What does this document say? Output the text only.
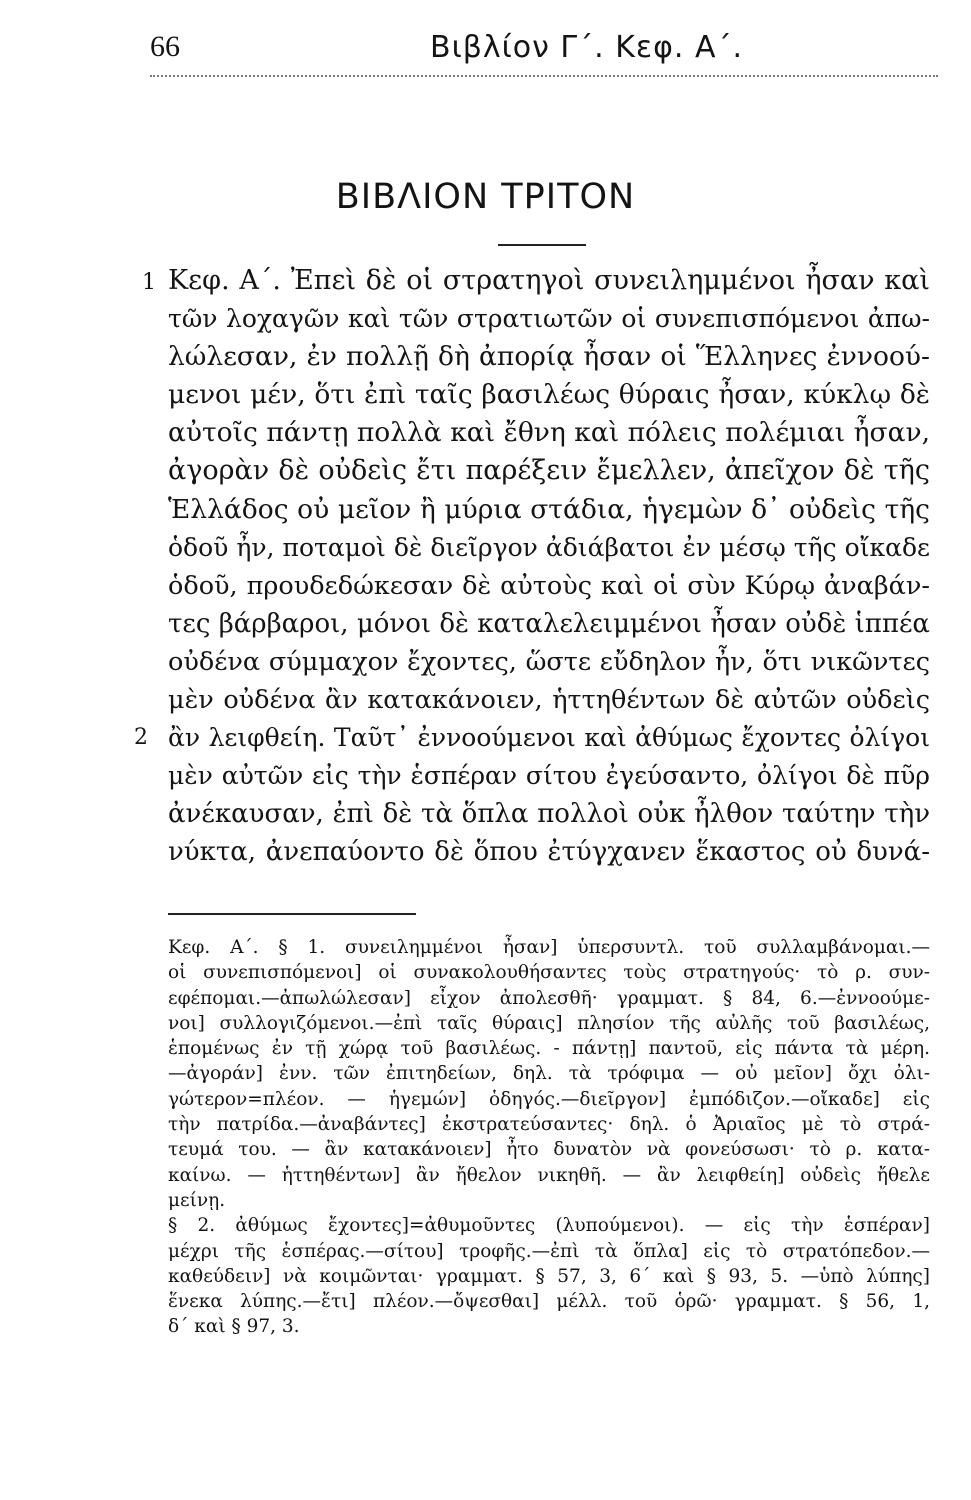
66	Βιβλίον Γ΄. Κεφ. Α΄.
ΒΙΒΛΙΟΝ ΤΡΙΤΟΝ
1
2
Κεφ. Α΄. Ἐπεὶ δὲ οἱ στρατηγοὶ συνειλημμένοι ἦσαν καὶ
τῶν λοχαγῶν καὶ τῶν στρατιωτῶν οἱ συνεπισπόμενοι ἀπω-
λώλεσαν, ἐν πολλῇ δὴ ἀπορίᾳ ἦσαν οἱ Ἕλληνες ἐννοού-
μενοι μέν, ὅτι ἐπὶ ταῖς βασιλέως θύραις ἦσαν, κύκλῳ δὲ
αὐτοῖς πάντῃ πολλὰ καὶ ἔθνη καὶ πόλεις πολέμιαι ἦσαν,
ἀγορὰν δὲ οὐδεὶς ἔτι παρέξειν ἔμελλεν, ἀπεῖχον δὲ τῆς
Ἑλλάδος οὐ μεῖον ἢ μύρια στάδια, ἡγεμὼν δ᾽ οὐδεὶς τῆς
ὁδοῦ ἦν, ποταμοὶ δὲ διεῖργον ἀδιάβατοι ἐν μέσῳ τῆς οἴκαδε
ὁδοῦ, προυδεδώκεσαν δὲ αὐτοὺς καὶ οἱ σὺν Κύρῳ ἀναβάν-
τες βάρβαροι, μόνοι δὲ καταλελειμμένοι ἦσαν οὐδὲ ἱππέα
οὐδένα σύμμαχον ἔχοντες, ὥστε εὔδηλον ἦν, ὅτι νικῶντες
μὲν οὐδένα ἂν κατακάνοιεν, ἡττηθέντων δὲ αὐτῶν οὐδεὶς
ἂν λειφθείη. Ταῦτ᾽ ἐννοούμενοι καὶ ἀθύμως ἔχοντες ὀλίγοι
μὲν αὐτῶν εἰς τὴν ἑσπέραν σίτου ἐγεύσαντο, ὀλίγοι δὲ πῦρ
ἀνέκαυσαν, ἐπὶ δὲ τὰ ὅπλα πολλοὶ οὐκ ἦλθον ταύτην τὴν
νύκτα, ἀνεπαύοντο δὲ ὅπου ἐτύγχανεν ἕκαστος οὐ δυνά-
Κεφ. Α΄. § 1. συνειλημμένοι ἦσαν] ὑπερσυντλ. τοῦ συλλαμβάνομαι.—
οἱ συνεπισπόμενοι] οἱ συνακολουθήσαντες τοὺς στρατηγούς· τὸ ρ. συν-
εφέπομαι.—ἀπωλώλεσαν] εἶχον ἀπολεσθῆ· γραμματ. § 84, 6.—ἐννοούμε-
νοι] συλλογιζόμενοι.—ἐπὶ ταῖς θύραις] πλησίον τῆς αὐλῆς τοῦ βασιλέως,
ἑπομένως ἐν τῇ χώρᾳ τοῦ βασιλέως. - πάντῃ] παντοῦ, εἰς πάντα τὰ μέρη.
—ἀγοράν] ἐνν. τῶν ἐπιτηδείων, δηλ. τὰ τρόφιμα — οὐ μεῖον] ὄχι ὀλι-
γώτερον=πλέον. — ἡγεμών] ὁδηγός.—διεῖργον] ἐμπόδιζον.—οἴκαδε] εἰς
τὴν πατρίδα.—ἀναβάντες] ἐκστρατεύσαντες· δηλ. ὁ Ἀριαῖος μὲ τὸ στρά-
τευμά του. — ἂν κατακάνοιεν] ἦτο δυνατὸν νὰ φονεύσωσι· τὸ ρ. κατα-
καίνω. — ἡττηθέντων] ἂν ἤθελον νικηθῆ. — ἂν λειφθείη] οὐδεὶς ἤθελε
μείνῃ.
§ 2. ἀθύμως ἔχοντες]=ἀθυμοῦντες (λυπούμενοι). — εἰς τὴν ἑσπέραν]
μέχρι τῆς ἑσπέρας.—σίτου] τροφῆς.—ἐπὶ τὰ ὅπλα] εἰς τὸ στρατόπεδον.—
καθεύδειν] νὰ κοιμῶνται· γραμματ. § 57, 3, 6΄ καὶ § 93, 5. —ὑπὸ λύπης]
ἕνεκα λύπης.—ἔτι] πλέον.—ὄψεσθαι] μέλλ. τοῦ ὁρῶ· γραμματ. § 56, 1,
δ΄ καὶ § 97, 3.
